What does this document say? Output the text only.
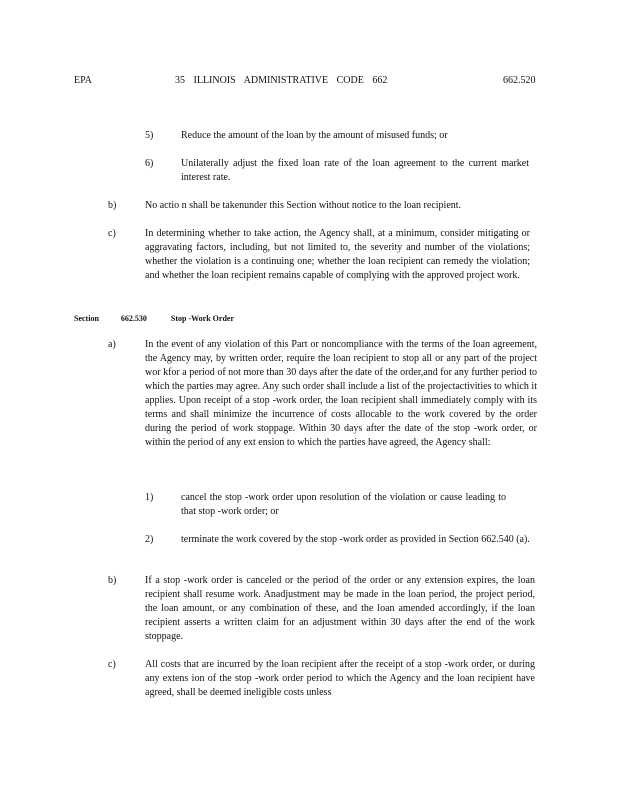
EPA	35 ILLINOIS ADMINISTRATIVE CODE 662	662.520
5)	Reduce the amount of the loan by the amount of misused funds; or
6)	Unilaterally adjust the fixed loan rate of the loan agreement to the current market interest rate.
b)	No actio n shall be takenunder this Section without notice to the loan recipient.
c)	In determining whether to take action, the Agency shall, at a minimum, consider mitigating or aggravating factors, including, but not limited to, the severity and number of the violations; whether the violation is a continuing one; whether the loan recipient can remedy the violation; and whether the loan recipient remains capable of complying with the approved project work.
Section	662.530	Stop -Work Order
a)	In the event of any violation of this Part or noncompliance with the terms of the loan agreement, the Agency may, by written order, require the loan recipient to stop all or any part of the project wor kfor a period of not more than 30 days after the date of the order,and for any further period to which the parties may agree. Any such order shall include a list of the projectactivities to which it applies. Upon receipt of a stop -work order, the loan recipient shall immediately comply with its terms and shall minimize the incurrence of costs allocable to the work covered by the order during the period of work stoppage. Within 30 days after the date of the stop -work order, or within the period of any ext ension to which the parties have agreed, the Agency shall:
1)	cancel the stop -work order upon resolution of the violation or cause leading to that stop -work order; or
2)	terminate the work covered by the stop -work order as provided in Section 662.540 (a).
b)	If a stop -work order is canceled or the period of the order or any extension expires, the loan recipient shall resume work. Anadjustment may be made in the loan period, the project period, the loan amount, or any combination of these, and the loan amended accordingly, if the loan recipient asserts a written claim for an adjustment within 30 days after the end of the work stoppage.
c)	All costs that are incurred by the loan recipient after the receipt of a stop -work order, or during any extens ion of the stop -work order period to which the Agency and the loan recipient have agreed, shall be deemed ineligible costs unless
